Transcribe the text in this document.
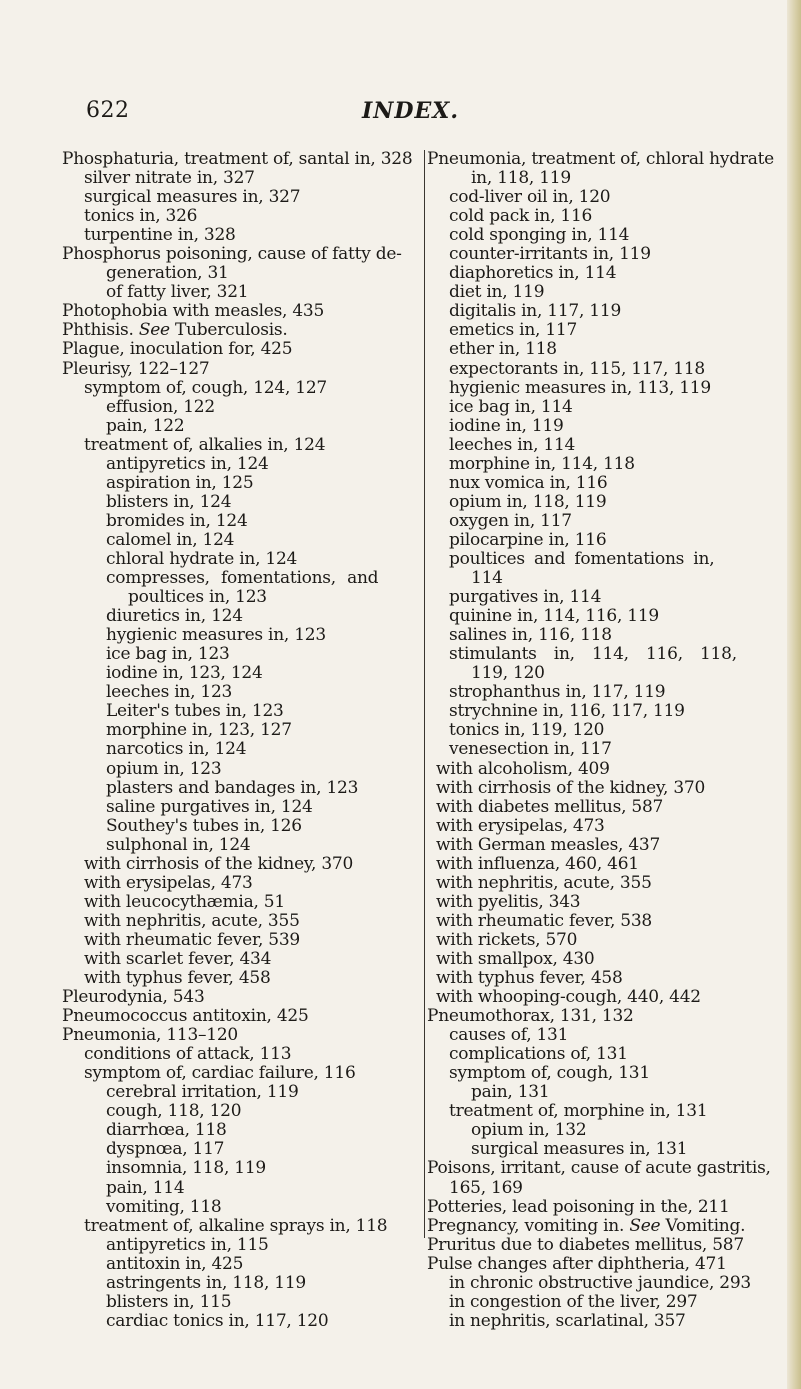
622	INDEX.
Phosphaturia, treatment of, santal in, 328
silver nitrate in, 327
surgical measures in, 327
tonics in, 326
turpentine in, 328
Phosphorus poisoning, cause of fatty de-
generation, 31
of fatty liver, 321
Photophobia with measles, 435
Phthisis. See Tuberculosis.
Plague, inoculation for, 425
Pleurisy, 122–127
symptom of, cough, 124, 127
effusion, 122
pain, 122
treatment of, alkalies in, 124
antipyretics in, 124
aspiration in, 125
blisters in, 124
bromides in, 124
calomel in, 124
chloral hydrate in, 124
compresses, fomentations, and
poultices in, 123
diuretics in, 124
hygienic measures in, 123
ice bag in, 123
iodine in, 123, 124
leeches in, 123
Leiter's tubes in, 123
morphine in, 123, 127
narcotics in, 124
opium in, 123
plasters and bandages in, 123
saline purgatives in, 124
Southey's tubes in, 126
sulphonal in, 124
with cirrhosis of the kidney, 370
with erysipelas, 473
with leucocythæmia, 51
with nephritis, acute, 355
with rheumatic fever, 539
with scarlet fever, 434
with typhus fever, 458
Pleurodynia, 543
Pneumococcus antitoxin, 425
Pneumonia, 113–120
conditions of attack, 113
symptom of, cardiac failure, 116
cerebral irritation, 119
cough, 118, 120
diarrhœa, 118
dyspnœa, 117
insomnia, 118, 119
pain, 114
vomiting, 118
treatment of, alkaline sprays in, 118
antipyretics in, 115
antitoxin in, 425
astringents in, 118, 119
blisters in, 115
cardiac tonics in, 117, 120
Pneumonia, treatment of, chloral hydrate
in, 118, 119
cod-liver oil in, 120
cold pack in, 116
cold sponging in, 114
counter-irritants in, 119
diaphoretics in, 114
diet in, 119
digitalis in, 117, 119
emetics in, 117
ether in, 118
expectorants in, 115, 117, 118
hygienic measures in, 113, 119
ice bag in, 114
iodine in, 119
leeches in, 114
morphine in, 114, 118
nux vomica in, 116
opium in, 118, 119
oxygen in, 117
pilocarpine in, 116
poultices and fomentations in,
114
purgatives in, 114
quinine in, 114, 116, 119
salines in, 116, 118
stimulants in, 114, 116, 118,
119, 120
strophanthus in, 117, 119
strychnine in, 116, 117, 119
tonics in, 119, 120
venesection in, 117
with alcoholism, 409
with cirrhosis of the kidney, 370
with diabetes mellitus, 587
with erysipelas, 473
with German measles, 437
with influenza, 460, 461
with nephritis, acute, 355
with pyelitis, 343
with rheumatic fever, 538
with rickets, 570
with smallpox, 430
with typhus fever, 458
with whooping-cough, 440, 442
Pneumothorax, 131, 132
causes of, 131
complications of, 131
symptom of, cough, 131
pain, 131
treatment of, morphine in, 131
opium in, 132
surgical measures in, 131
Poisons, irritant, cause of acute gastritis,
165, 169
Potteries, lead poisoning in the, 211
Pregnancy, vomiting in. See Vomiting.
Pruritus due to diabetes mellitus, 587
Pulse changes after diphtheria, 471
in chronic obstructive jaundice, 293
in congestion of the liver, 297
in nephritis, scarlatinal, 357
